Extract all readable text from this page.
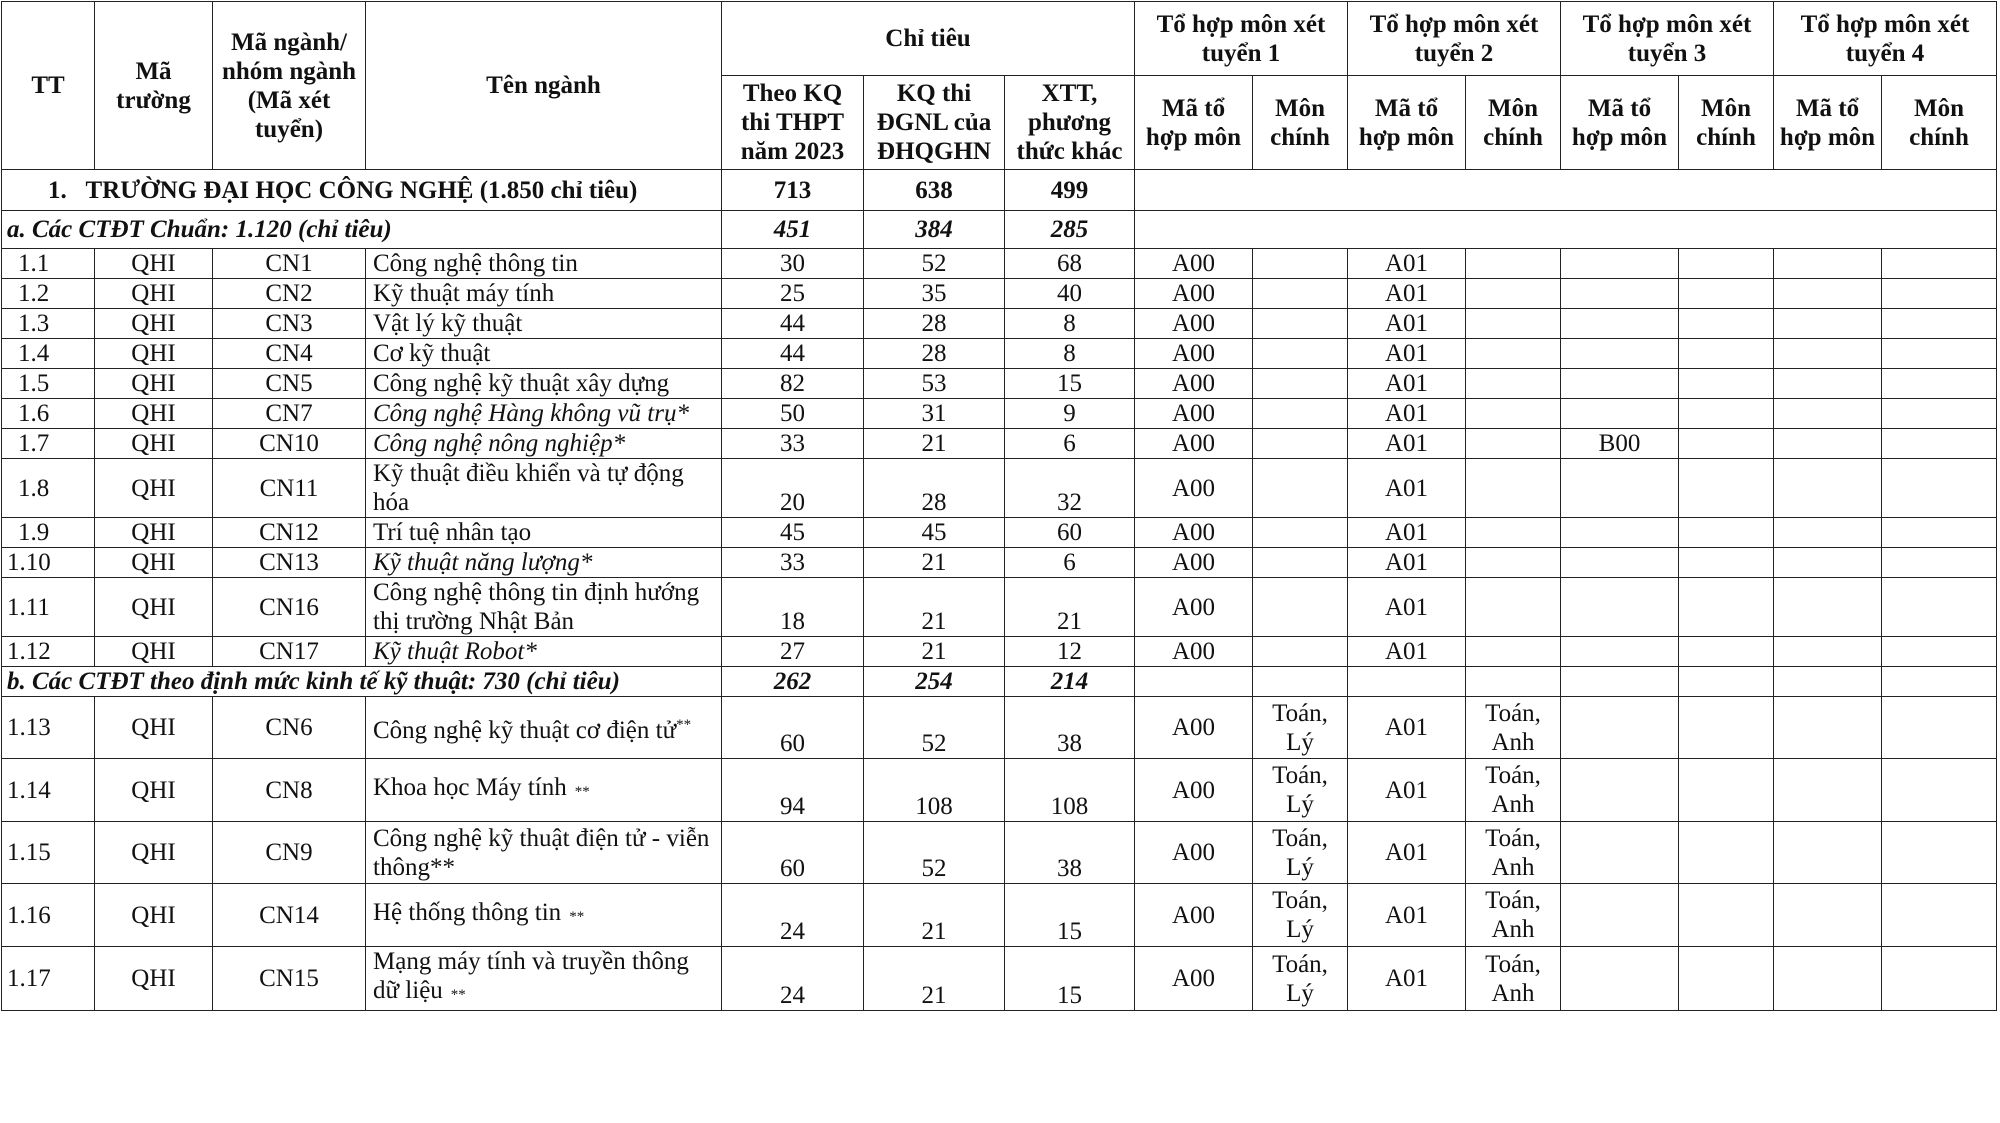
TT	Mã trường	Mã ngành/ nhóm ngành (Mã xét tuyển)	Tên ngành	Chỉ tiêu			Tổ hợp môn xét tuyển 1		Tổ hợp môn xét tuyển 2		Tổ hợp môn xét tuyển 3		Tổ hợp môn xét tuyển 4	
				Theo KQ thi THPT năm 2023	KQ thi ĐGNL của ĐHQGHN	XTT, phương thức khác	Mã tổ hợp môn	Môn chính	Mã tổ hợp môn	Môn chính	Mã tổ hợp môn	Môn chính	Mã tổ hợp môn	Môn chính
1. TRƯỜNG ĐẠI HỌC CÔNG NGHỆ (1.850 chỉ tiêu)				713	638	499								
a. Các CTĐT Chuẩn: 1.120 (chỉ tiêu)				451	384	285								
1.1	QHI	CN1	Công nghệ thông tin	30	52	68	A00		A01					
1.2	QHI	CN2	Kỹ thuật máy tính	25	35	40	A00		A01					
1.3	QHI	CN3	Vật lý kỹ thuật	44	28	8	A00		A01					
1.4	QHI	CN4	Cơ kỹ thuật	44	28	8	A00		A01					
1.5	QHI	CN5	Công nghệ kỹ thuật xây dựng	82	53	15	A00		A01					
1.6	QHI	CN7	Công nghệ Hàng không vũ trụ*	50	31	9	A00		A01					
1.7	QHI	CN10	Công nghệ nông nghiệp*	33	21	6	A00		A01		B00			
1.8	QHI	CN11	Kỹ thuật điều khiển và tự động hóa	20	28	32	A00		A01					
1.9	QHI	CN12	Trí tuệ nhân tạo	45	45	60	A00		A01					
1.10	QHI	CN13	Kỹ thuật năng lượng*	33	21	6	A00		A01					
1.11	QHI	CN16	Công nghệ thông tin định hướng thị trường Nhật Bản	18	21	21	A00		A01					
1.12	QHI	CN17	Kỹ thuật Robot*	27	21	12	A00		A01					
b. Các CTĐT theo định mức kinh tế kỹ thuật: 730 (chỉ tiêu)				262	254	214								
1.13	QHI	CN6	Công nghệ kỹ thuật cơ điện tử**	60	52	38	A00	Toán, Lý	A01	Toán, Anh				
1.14	QHI	CN8	Khoa học Máy tính **	94	108	108	A00	Toán, Lý	A01	Toán, Anh				
1.15	QHI	CN9	Công nghệ kỹ thuật điện tử - viễn thông**	60	52	38	A00	Toán, Lý	A01	Toán, Anh				
1.16	QHI	CN14	Hệ thống thông tin **	24	21	15	A00	Toán, Lý	A01	Toán, Anh				
1.17	QHI	CN15	Mạng máy tính và truyền thông dữ liệu **	24	21	15	A00	Toán, Lý	A01	Toán, Anh				
